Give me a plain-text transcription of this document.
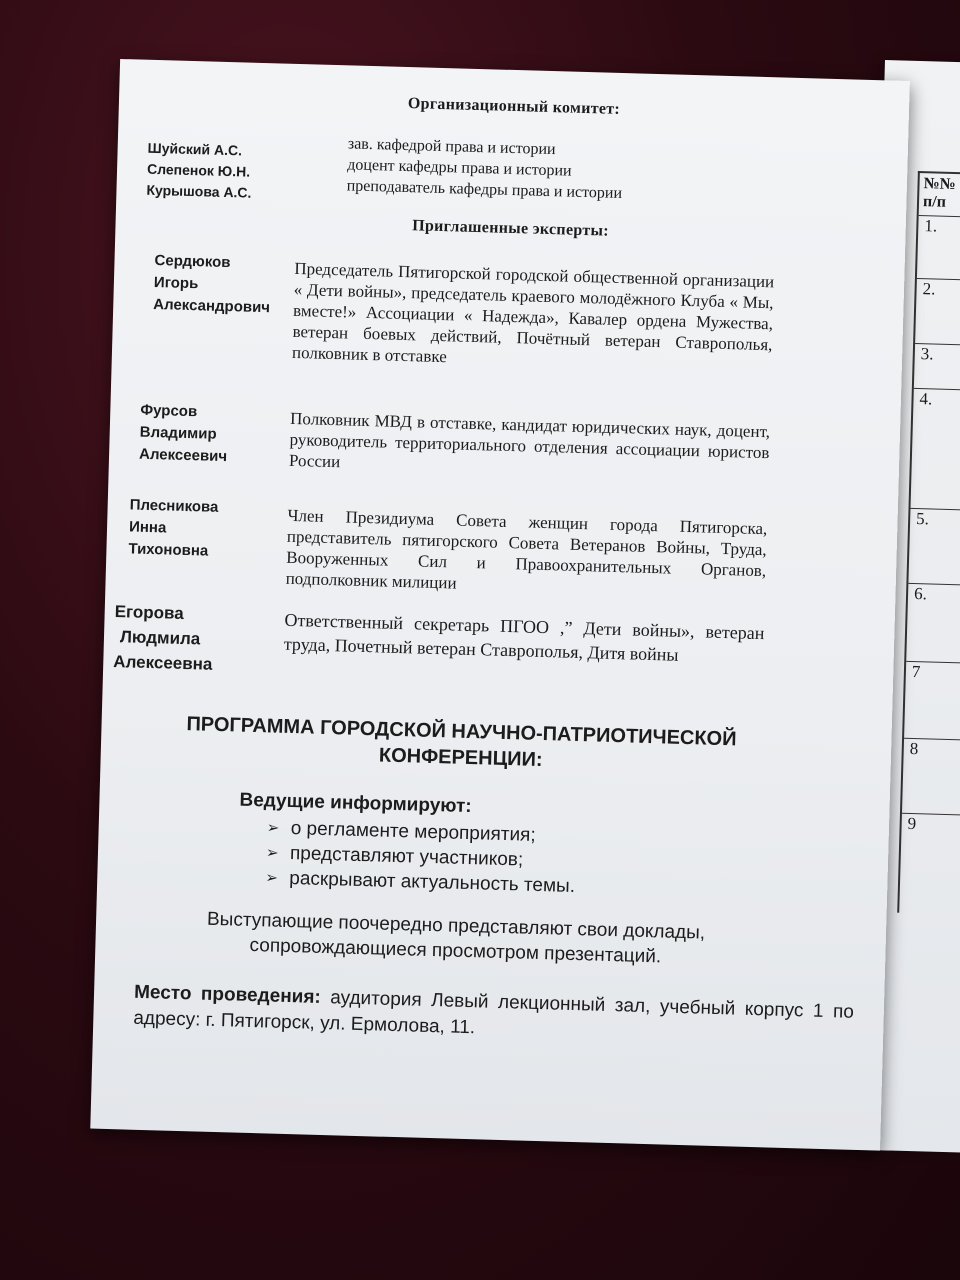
№№
п/п
1.
2.
3.
4.
5.
6.
7
8
9
Организационный комитет:
Шуйский А.С.
Слепенок Ю.Н.
Курышова А.С.
зав. кафедрой права и истории
доцент кафедры права и истории
преподаватель кафедры права и истории
Приглашенные эксперты:
Сердюков
Игорь
Александрович
Председатель Пятигорской городской общественной организации « Дети войны», председатель краевого молодёжного Клуба « Мы, вместе!» Ассоциации « Надежда», Кавалер ордена Мужества, ветеран боевых действий, Почётный ветеран Ставрополья, полковник в отставке
Фурсов
Владимир
Алексеевич
Полковник МВД в отставке, кандидат юридических наук, доцент, руководитель территориального отделения ассоциации юристов России
Плесникова
Инна
Тихоновна
Член Президиума Совета женщин города Пятигорска, представитель пятигорского Совета Ветеранов Войны, Труда, Вооруженных Сил и Правоохранительных Органов, подполковник милиции
Егорова
Людмила
Алексеевна
Ответственный секретарь ПГОО ,” Дети войны», ветеран труда, Почетный ветеран Ставрополья, Дитя войны
ПРОГРАММА ГОРОДСКОЙ НАУЧНО-ПАТРИОТИЧЕСКОЙ
КОНФЕРЕНЦИИ:
Ведущие информируют:
➢ о регламенте мероприятия;
➢ представляют участников;
➢ раскрывают актуальность темы.
Выступающие поочередно представляют свои доклады,
сопровождающиеся просмотром презентаций.
Место проведения: аудитория Левый лекционный зал, учебный корпус 1 по адресу: г. Пятигорск, ул. Ермолова, 11.
